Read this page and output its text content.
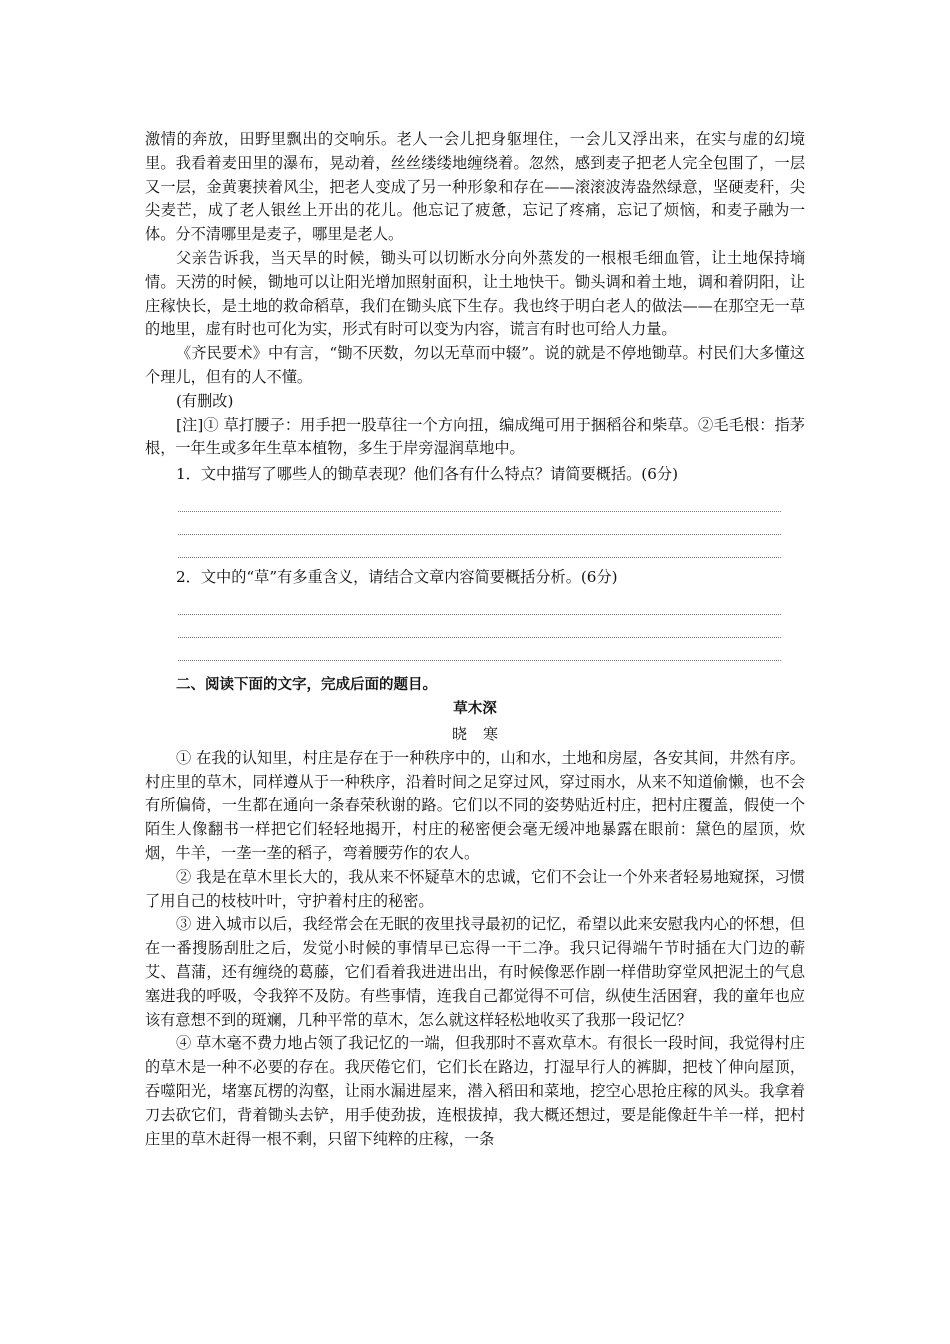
激情的奔放，田野里飘出的交响乐。老人一会儿把身躯埋住，一会儿又浮出来，在实与虚的幻境里。我看着麦田里的瀑布，晃动着，丝丝缕缕地缠绕着。忽然，感到麦子把老人完全包围了，一层又一层，金黄裹挟着风尘，把老人变成了另一种形象和存在——滚滚波涛盎然绿意，坚硬麦秆，尖尖麦芒，成了老人银丝上开出的花儿。他忘记了疲惫，忘记了疼痛，忘记了烦恼，和麦子融为一体。分不清哪里是麦子，哪里是老人。

父亲告诉我，当天旱的时候，锄头可以切断水分向外蒸发的一根根毛细血管，让土地保持墒情。天涝的时候，锄地可以让阳光增加照射面积，让土地快干。锄头调和着土地，调和着阴阳，让庄稼快长，是土地的救命稻草，我们在锄头底下生存。我也终于明白老人的做法——在那空无一草的地里，虚有时也可化为实，形式有时可以变为内容，谎言有时也可给人力量。

《齐民要术》中有言，“锄不厌数，勿以无草而中辍”。说的就是不停地锄草。村民们大多懂这个理儿，但有的人不懂。

(有删改)

[注]① 草打腰子：用手把一股草往一个方向扭，编成绳可用于捆稻谷和柴草。②毛毛根：指茅根，一年生或多年生草本植物，多生于岸旁湿润草地中。

1．文中描写了哪些人的锄草表现？他们各有什么特点？请简要概括。(6分)

2．文中的“草”有多重含义，请结合文章内容简要概括分析。(6分)

二、阅读下面的文字，完成后面的题目。

草木深

晓寒

① 在我的认知里，村庄是存在于一种秩序中的，山和水，土地和房屋，各安其间，井然有序。村庄里的草木，同样遵从于一种秩序，沿着时间之足穿过风，穿过雨水，从来不知道偷懒，也不会有所偏倚，一生都在通向一条春荣秋谢的路。它们以不同的姿势贴近村庄，把村庄覆盖，假使一个陌生人像翻书一样把它们轻轻地揭开，村庄的秘密便会毫无缓冲地暴露在眼前：黛色的屋顶，炊烟，牛羊，一垄一垄的稻子，弯着腰劳作的农人。

② 我是在草木里长大的，我从来不怀疑草木的忠诚，它们不会让一个外来者轻易地窥探，习惯了用自己的枝枝叶叶，守护着村庄的秘密。

③ 进入城市以后，我经常会在无眠的夜里找寻最初的记忆，希望以此来安慰我内心的怀想，但在一番搜肠刮肚之后，发觉小时候的事情早已忘得一干二净。我只记得端午节时插在大门边的蕲艾、菖蒲，还有缠绕的葛藤，它们看着我进进出出，有时候像恶作剧一样借助穿堂风把泥土的气息塞进我的呼吸，令我猝不及防。有些事情，连我自己都觉得不可信，纵使生活困窘，我的童年也应该有意想不到的斑斓，几种平常的草木，怎么就这样轻松地收买了我那一段记忆？

④ 草木毫不费力地占领了我记忆的一端，但我那时不喜欢草木。有很长一段时间，我觉得村庄的草木是一种不必要的存在。我厌倦它们，它们长在路边，打湿早行人的裤脚，把枝丫伸向屋顶，吞噬阳光，堵塞瓦楞的沟壑，让雨水漏进屋来，潜入稻田和菜地，挖空心思抢庄稼的风头。我拿着刀去砍它们，背着锄头去铲，用手使劲拔，连根拔掉，我大概还想过，要是能像赶牛羊一样，把村庄里的草木赶得一根不剩，只留下纯粹的庄稼，一条
